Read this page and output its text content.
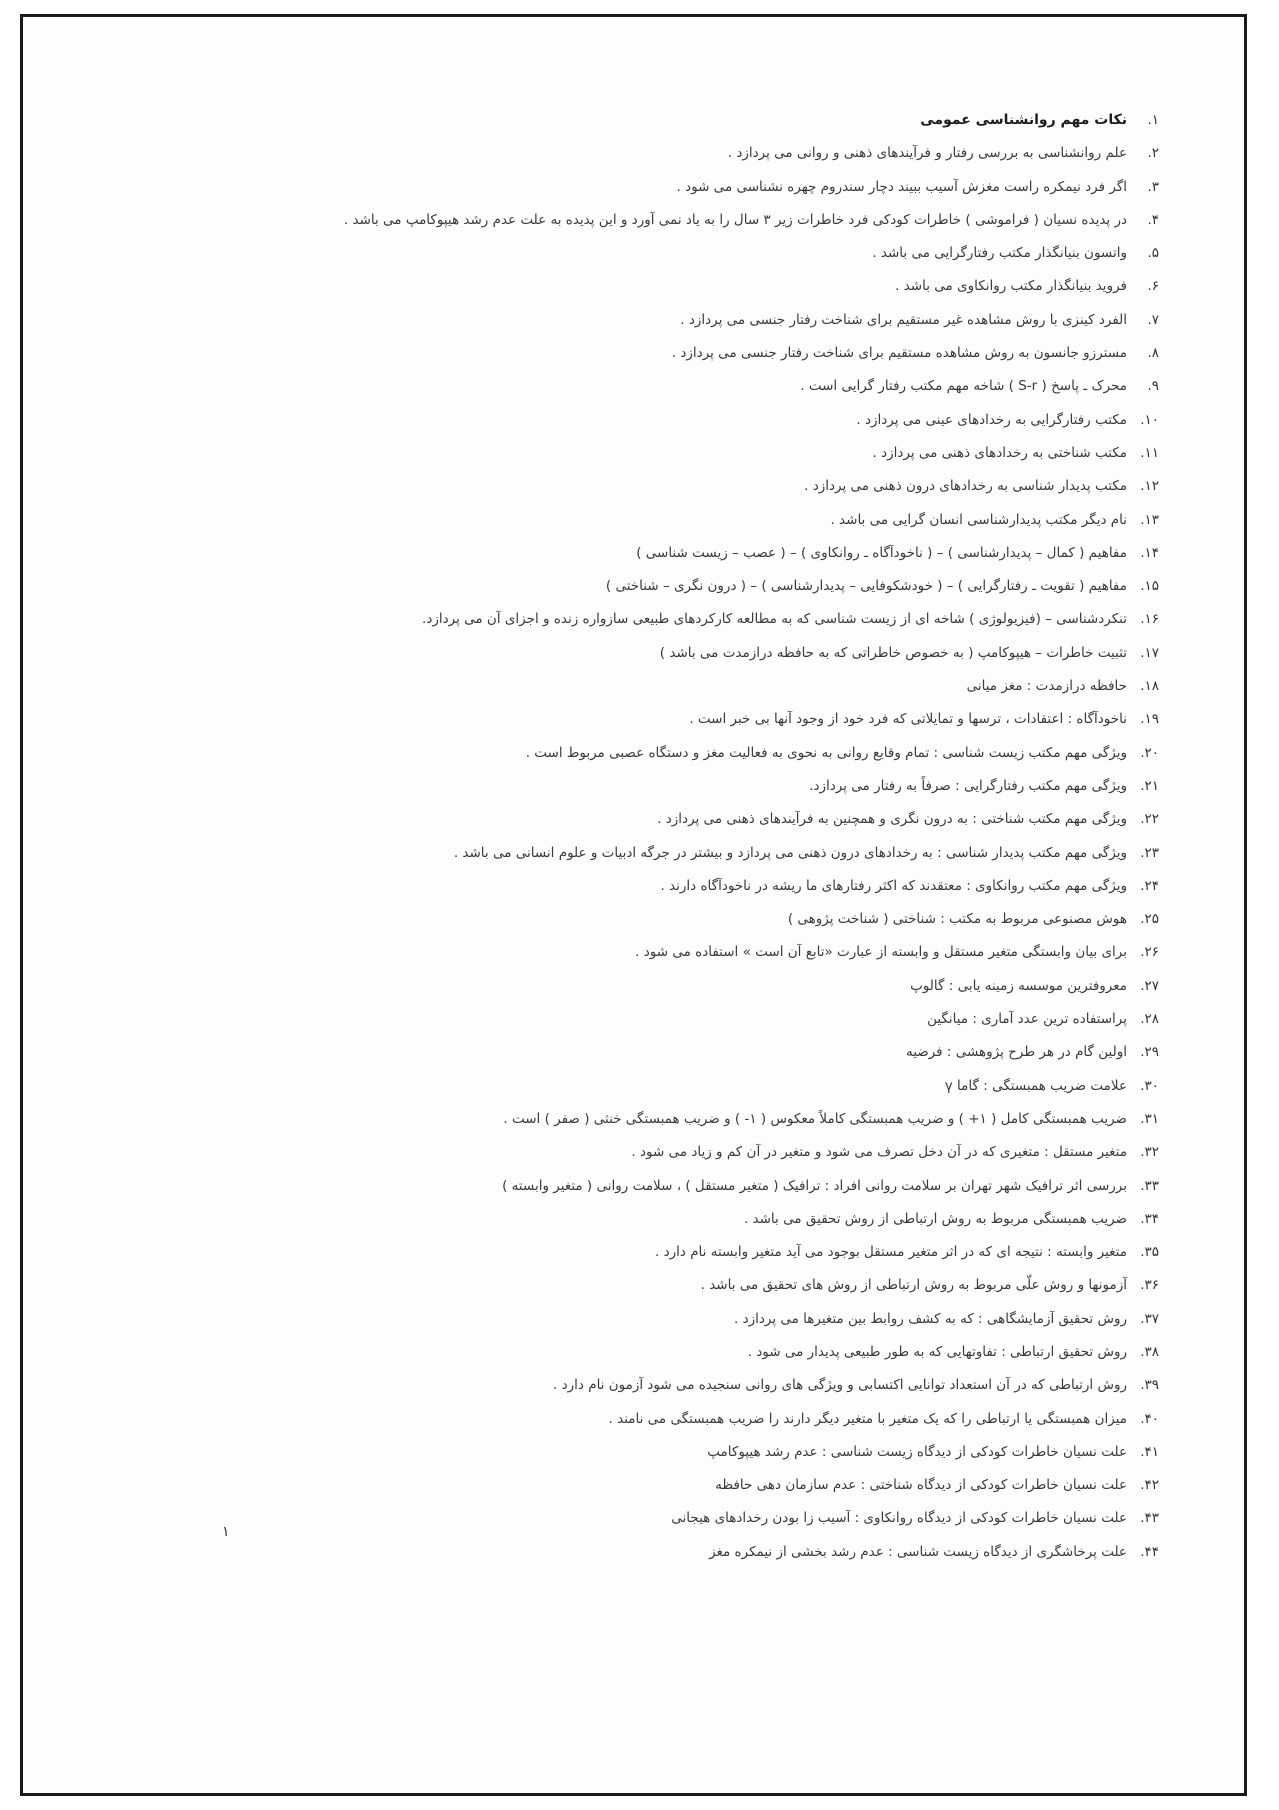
۱.
نکات مهم روانشناسی عمومی
۲.
علم روانشناسی به بررسی رفتار و فرآیندهای ذهنی و روانی می پردازد .
۳.
اگر فرد نیمکره راست مغزش آسیب ببیند دچار سندروم چهره نشناسی می شود .
۴.
در پدیده نسیان ( فراموشی ) خاطرات کودکی فرد خاطرات زیر ۳ سال را به یاد نمی آورد و این پدیده به علت عدم رشد هیپوکامپ می باشد .
۵.
واتسون بنیانگذار مکتب رفتارگرایی می باشد .
۶.
فروید بنیانگذار مکتب روانکاوی می باشد .
۷.
الفرد کینزی با روش مشاهده غیر مستقیم برای شناخت رفتار جنسی می پردازد .
۸.
مسترزو جانسون به روش مشاهده مستقیم برای شناخت رفتار جنسی می پردازد .
۹.
محرک ـ پاسخ ( S-r ) شاخه مهم مکتب رفتار گرایی است .
۱۰.
مکتب رفتارگرایی به رخدادهای عینی می پردازد .
۱۱.
مکتب شناختی به رخدادهای ذهنی می پردازد .
۱۲.
مکتب پدیدار شناسی به رخدادهای درون ذهنی می پردازد .
۱۳.
نام دیگر مکتب پدیدارشناسی انسان گرایی می باشد .
۱۴.
مفاهیم ( کمال – پدیدارشناسی ) – ( ناخودآگاه ـ روانکاوی ) – ( عصب – زیست شناسی )
۱۵.
مفاهیم ( تقویت ـ رفتارگرایی ) – ( خودشکوفایی – پدیدارشناسی ) – ( درون نگری – شناختی )
۱۶.
تنکردشناسی – (فیزیولوژی ) شاخه ای از زیست شناسی که به مطالعه کارکردهای طبیعی سازواره زنده و اجزای آن می پردازد.
۱۷.
تثبیت خاطرات – هیپوکامپ ( به خصوص خاطراتی که به حافظه درازمدت می باشد )
۱۸.
حافظه درازمدت : مغز میانی
۱۹.
ناخودآگاه : اعتقادات ، ترسها و تمایلاتی که فرد خود از وجود آنها بی خبر است .
۲۰.
ویژگی مهم مکتب زیست شناسی : تمام وقایع روانی به نحوی به فعالیت مغز و دستگاه عصبی مربوط است .
۲۱.
ویژگی مهم مکتب رفتارگرایی : صرفاً به رفتار می پردازد.
۲۲.
ویژگی مهم مکتب شناختی : به درون نگری و همچنین به فرآیندهای ذهنی می پردازد .
۲۳.
ویژگی مهم مکتب پدیدار شناسی : به رخدادهای درون ذهنی می پردازد و بیشتر در جرگه ادبیات و علوم انسانی می باشد .
۲۴.
ویژگی مهم مکتب روانکاوی : معتقدند که اکثر رفتارهای ما ریشه در ناخودآگاه دارند .
۲۵.
هوش مصنوعی مربوط به مکتب : شناختی ( شناخت پژوهی )
۲۶.
برای بیان وابستگی متغیر مستقل و وابسته از عبارت «تابع آن است » استفاده می شود .
۲۷.
معروفترین موسسه زمینه یابی : گالوپ
۲۸.
پراستفاده ترین عدد آماری : میانگین
۲۹.
اولین گام در هر طرح پژوهشی : فرضیه
۳۰.
علامت ضریب همبستگی : گاما γ
۳۱.
ضریب همبستگی کامل ( ۱+ ) و ضریب همبستگی کاملاً معکوس ( ۱- ) و ضریب همبستگی خنثی ( صفر ) است .
۳۲.
متغیر مستقل : متغیری که در آن دخل تصرف می شود و متغیر در آن کم و زیاد می شود .
۳۳.
بررسی اثر ترافیک شهر تهران بر سلامت روانی افراد : ترافیک ( متغیر مستقل ) ، سلامت روانی ( متغیر وابسته )
۳۴.
ضریب همبستگی مربوط به روش ارتباطی از روش تحقیق می باشد .
۳۵.
متغیر وابسته : نتیجه ای که در اثر متغیر مستقل بوجود می آید متغیر وابسته نام دارد .
۳۶.
آزمونها و روش علّی مربوط به روش ارتباطی از روش های تحقیق می باشد .
۳۷.
روش تحقیق آزمایشگاهی : که به کشف روابط بین متغیرها می پردازد .
۳۸.
روش تحقیق ارتباطی : تفاوتهایی که به طور طبیعی پدیدار می شود .
۳۹.
روش ارتباطی که در آن استعداد توانایی اکتسابی و ویژگی های روانی سنجیده می شود آزمون نام دارد .
۴۰.
میزان همبستگی یا ارتباطی را که یک متغیر با متغیر دیگر دارند را ضریب همبستگی می نامند .
۴۱.
علت نسیان خاطرات کودکی از دیدگاه زیست شناسی : عدم رشد هیپوکامپ
۴۲.
علت نسیان خاطرات کودکی از دیدگاه شناختی : عدم سازمان دهی حافظه
۴۳.
علت نسیان خاطرات کودکی از دیدگاه روانکاوی : آسیب زا بودن رخدادهای هیجانی
۴۴.
علت پرخاشگری از دیدگاه زیست شناسی : عدم رشد بخشی از نیمکره مغز
۱
